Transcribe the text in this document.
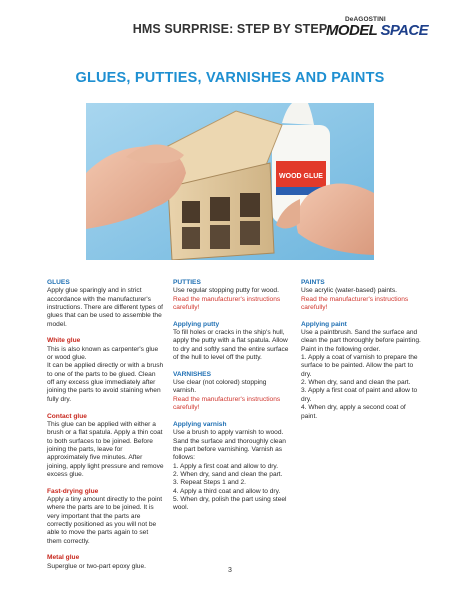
HMS SURPRISE: STEP BY STEP
DeAGOSTINI
MODEL SPACE
GLUES, PUTTIES, VARNISHES AND PAINTS
WOOD GLUE

GLUES

Apply glue sparingly and in strict accordance with the manufacturer's instructions. There are different types of glues that can be used to assemble the model.

White glue

This is also known as carpenter's glue or wood glue.

It can be applied directly or with a brush to one of the parts to be glued. Clean off any excess glue immediately after joining the parts to avoid staining when fully dry.

Contact glue

This glue can be applied with either a brush or a flat spatula. Apply a thin coat to both surfaces to be joined. Before joining the parts, leave for approximately five minutes. After joining, apply light pressure and remove excess glue.

Fast-drying glue

Apply a tiny amount directly to the point where the parts are to be joined. It is very important that the parts are correctly positioned as you will not be able to move the parts again to set them correctly.

Metal glue

Superglue or two-part epoxy glue.

PUTTIES

Use regular stopping putty for wood.

Read the manufacturer's instructions carefully!

Applying putty

To fill holes or cracks in the ship's hull, apply the putty with a flat spatula. Allow to dry and softly sand the entire surface of the hull to level off the putty.

VARNISHES

Use clear (not colored) stopping varnish.

Read the manufacturer's instructions carefully!

Applying varnish

Use a brush to apply varnish to wood. Sand the surface and thoroughly clean the part before varnishing. Varnish as follows:

1. Apply a first coat and allow to dry.

2. When dry, sand and clean the part.

3. Repeat Steps 1 and 2.

4. Apply a third coat and allow to dry.

5. When dry, polish the part using steel wool.

PAINTS

Use acrylic (water-based) paints.

Read the manufacturer's instructions carefully!

Applying paint

Use a paintbrush. Sand the surface and clean the part thoroughly before painting. Paint in the following order.

1. Apply a coat of varnish to prepare the surface to be painted. Allow the part to dry.

2. When dry, sand and clean the part.

3. Apply a first coat of paint and allow to dry.

4. When dry, apply a second coat of paint.

3
